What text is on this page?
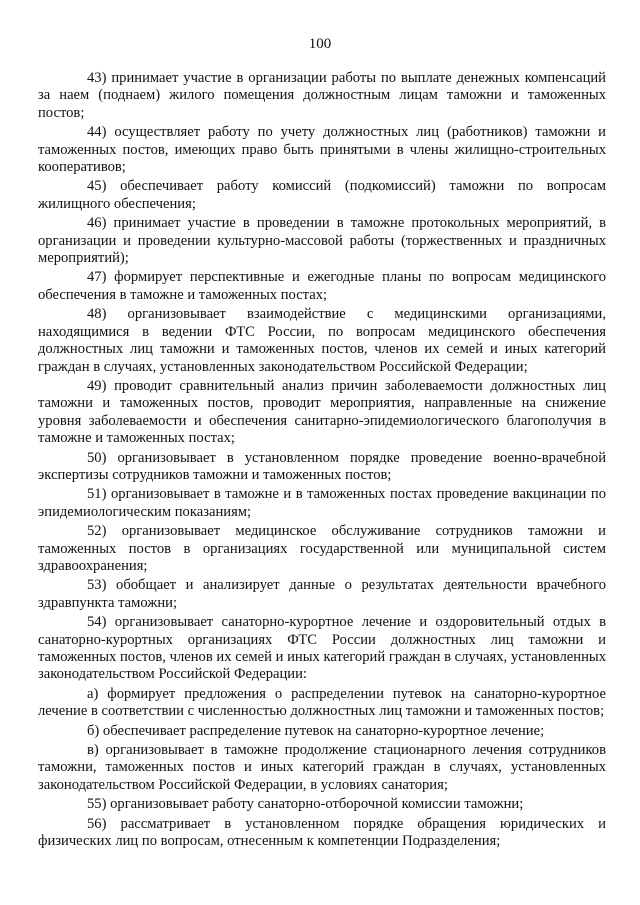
100

43) принимает участие в организации работы по выплате денежных компенсаций за наем (поднаем) жилого помещения должностным лицам таможни и таможенных постов;

44) осуществляет работу по учету должностных лиц (работников) таможни и таможенных постов, имеющих право быть принятыми в члены жилищно-строительных кооперативов;

45) обеспечивает работу комиссий (подкомиссий) таможни по вопросам жилищного обеспечения;

46) принимает участие в проведении в таможне протокольных мероприятий, в организации и проведении культурно-массовой работы (торжественных и праздничных мероприятий);

47) формирует перспективные и ежегодные планы по вопросам медицинского обеспечения в таможне и таможенных постах;

48) организовывает взаимодействие с медицинскими организациями, находящимися в ведении ФТС России, по вопросам медицинского обеспечения должностных лиц таможни и таможенных постов, членов их семей и иных категорий граждан в случаях, установленных законодательством Российской Федерации;

49) проводит сравнительный анализ причин заболеваемости должностных лиц таможни и таможенных постов, проводит мероприятия, направленные на снижение уровня заболеваемости и обеспечения санитарно-эпидемиологического благополучия в таможне и таможенных постах;

50) организовывает в установленном порядке проведение военно-врачебной экспертизы сотрудников таможни и таможенных постов;

51) организовывает в таможне и в таможенных постах проведение вакцинации по эпидемиологическим показаниям;

52) организовывает медицинское обслуживание сотрудников таможни и таможенных постов в организациях государственной или муниципальной систем здравоохранения;

53) обобщает и анализирует данные о результатах деятельности врачебного здравпункта таможни;

54) организовывает санаторно-курортное лечение и оздоровительный отдых в санаторно-курортных организациях ФТС России должностных лиц таможни и таможенных постов, членов их семей и иных категорий граждан в случаях, установленных законодательством Российской Федерации:

а) формирует предложения о распределении путевок на санаторно-курортное лечение в соответствии с численностью должностных лиц таможни и таможенных постов;

б) обеспечивает распределение путевок на санаторно-курортное лечение;

в) организовывает в таможне продолжение стационарного лечения сотрудников таможни, таможенных постов и иных категорий граждан в случаях, установленных законодательством Российской Федерации, в условиях санатория;

55) организовывает работу санаторно-отборочной комиссии таможни;

56) рассматривает в установленном порядке обращения юридических и физических лиц по вопросам, отнесенным к компетенции Подразделения;
